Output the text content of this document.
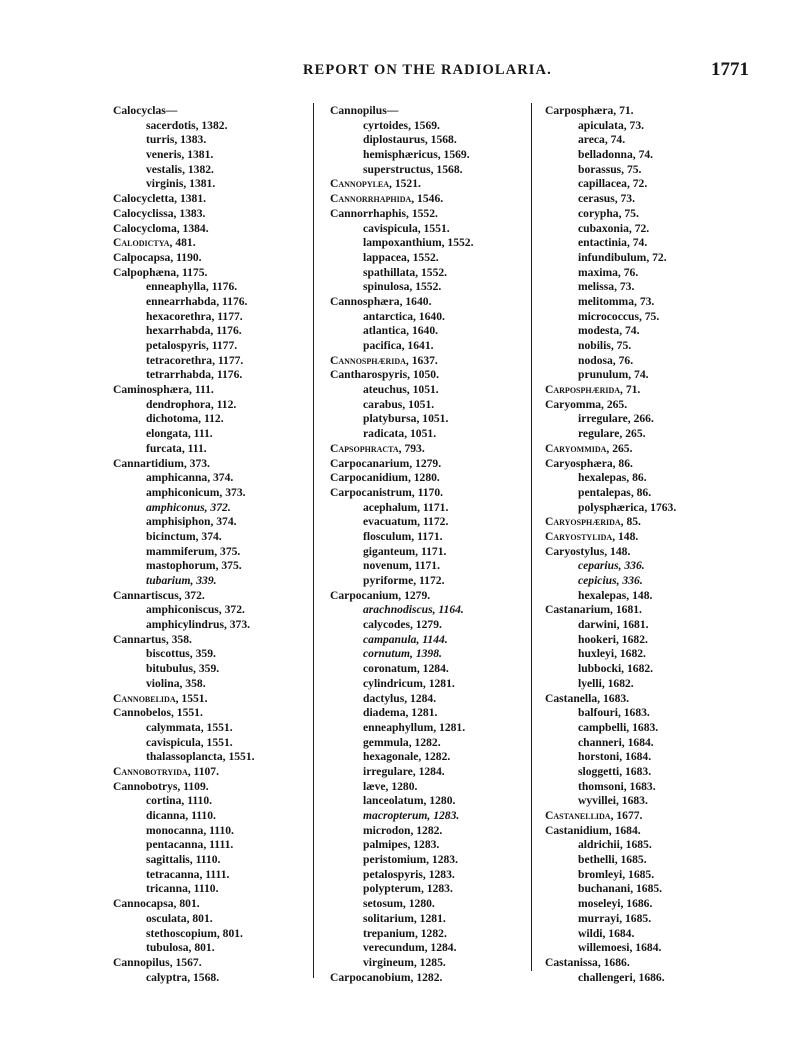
REPORT ON THE RADIOLARIA.	1771
Calocyclas—
sacerdotis, 1382.
turris, 1383.
veneris, 1381.
vestalis, 1382.
virginis, 1381.
Calocycletta, 1381.
Calocyclissa, 1383.
Calocycloma, 1384.
Calodictya, 481.
Calpocapsa, 1190.
Calpophæna, 1175.
enneaphylla, 1176.
ennearrhabda, 1176.
hexacorethra, 1177.
hexarrhabda, 1176.
petalospyris, 1177.
tetracorethra, 1177.
tetrarrhabda, 1176.
Caminosphæra, 111.
dendrophora, 112.
dichotoma, 112.
elongata, 111.
furcata, 111.
Cannartidium, 373.
amphicanna, 374.
amphiconicum, 373.
amphiconus, 372.
amphisiphon, 374.
bicinctum, 374.
mammiferum, 375.
mastophorum, 375.
tubarium, 339.
Cannartiscus, 372.
amphiconiscus, 372.
amphicylindrus, 373.
Cannartus, 358.
biscottus, 359.
bitubulus, 359.
violina, 358.
Cannobelida, 1551.
Cannobelos, 1551.
calymmata, 1551.
cavispicula, 1551.
thalassoplancta, 1551.
Cannobotryida, 1107.
Cannobotrys, 1109.
cortina, 1110.
dicanna, 1110.
monocanna, 1110.
pentacanna, 1111.
sagittalis, 1110.
tetracanna, 1111.
tricanna, 1110.
Cannocapsa, 801.
osculata, 801.
stethoscopium, 801.
tubulosa, 801.
Cannopilus, 1567.
calyptra, 1568.
Cannopilus—
cyrtoides, 1569.
diplostaurus, 1568.
hemisphæricus, 1569.
superstructus, 1568.
Cannopylea, 1521.
Cannorrhaphida, 1546.
Cannorrhaphis, 1552.
cavispicula, 1551.
lampoxanthium, 1552.
lappacea, 1552.
spathillata, 1552.
spinulosa, 1552.
Cannosphæra, 1640.
antarctica, 1640.
atlantica, 1640.
pacifica, 1641.
Cannosphærida, 1637.
Cantharospyris, 1050.
ateuchus, 1051.
carabus, 1051.
platybursa, 1051.
radicata, 1051.
Capsophracta, 793.
Carpocanarium, 1279.
Carpocanidium, 1280.
Carpocanistrum, 1170.
acephalum, 1171.
evacuatum, 1172.
flosculum, 1171.
giganteum, 1171.
novenum, 1171.
pyriforme, 1172.
Carpocanium, 1279.
arachnodiscus, 1164.
calycodes, 1279.
campanula, 1144.
cornutum, 1398.
coronatum, 1284.
cylindricum, 1281.
dactylus, 1284.
diadema, 1281.
enneaphyllum, 1281.
gemmula, 1282.
hexagonale, 1282.
irregulare, 1284.
læve, 1280.
lanceolatum, 1280.
macropterum, 1283.
microdon, 1282.
palmipes, 1283.
peristomium, 1283.
petalospyris, 1283.
polypterum, 1283.
setosum, 1280.
solitarium, 1281.
trepanium, 1282.
verecundum, 1284.
virgineum, 1285.
Carpocanobium, 1282.
Carposphæra, 71.
apiculata, 73.
areca, 74.
belladonna, 74.
borassus, 75.
capillacea, 72.
cerasus, 73.
corypha, 75.
cubaxonia, 72.
entactinia, 74.
infundibulum, 72.
maxima, 76.
melissa, 73.
melitomma, 73.
micrococcus, 75.
modesta, 74.
nobilis, 75.
nodosa, 76.
prunulum, 74.
Carposphærida, 71.
Caryomma, 265.
irregulare, 266.
regulare, 265.
Caryommida, 265.
Caryosphæra, 86.
hexalepas, 86.
pentalepas, 86.
polysphærica, 1763.
Caryosphærida, 85.
Caryostylida, 148.
Caryostylus, 148.
ceparius, 336.
cepicius, 336.
hexalepas, 148.
Castanarium, 1681.
darwini, 1681.
hookeri, 1682.
huxleyi, 1682.
lubbocki, 1682.
lyelli, 1682.
Castanella, 1683.
balfouri, 1683.
campbelli, 1683.
channeri, 1684.
horstoni, 1684.
sloggetti, 1683.
thomsoni, 1683.
wyvillei, 1683.
Castanellida, 1677.
Castanidium, 1684.
aldrichii, 1685.
bethelli, 1685.
bromleyi, 1685.
buchanani, 1685.
moseleyi, 1686.
murrayi, 1685.
wildi, 1684.
willemoesi, 1684.
Castanissa, 1686.
challengeri, 1686.
